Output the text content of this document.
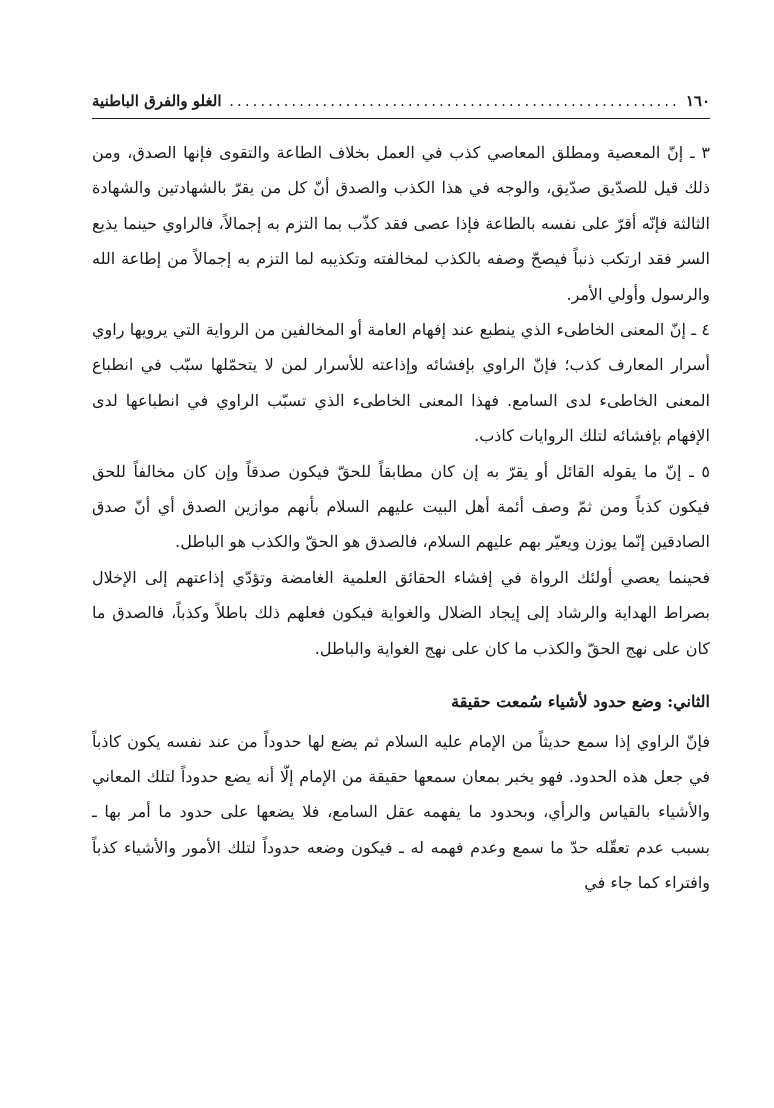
١٦٠
..........................................................
الغلو والفرق الباطنية

٣ ـ إنّ المعصية ومطلق المعاصي كذب في العمل بخلاف الطاعة والتقوى فإنها الصدق، ومن ذلك قيل للصدّيق صدّيق، والوجه في هذا الكذب والصدق أنّ كل من يقرّ بالشهادتين والشهادة الثالثة فإنّه أقرّ على نفسه بالطاعة فإذا عصى فقد كذّب بما التزم به إجمالاً، فالراوي حينما يذيع السر فقد ارتكب ذنباً فيصحّ وصفه بالكذب لمخالفته وتكذيبه لما التزم به إجمالاً من إطاعة الله والرسول وأولي الأمر.

٤ ـ إنّ المعنى الخاطىء الذي ينطبع عند إفهام العامة أو المخالفين من الرواية التي يرويها راوي أسرار المعارف كذب؛ فإنّ الراوي بإفشائه وإذاعته للأسرار لمن لا يتحمّلها سبّب في انطباع المعنى الخاطىء لدى السامع. فهذا المعنى الخاطىء الذي تسبّب الراوي في انطباعها لدى الإفهام بإفشائه لتلك الروايات كاذب.

٥ ـ إنّ ما يقوله القائل أو يقرّ به إن كان مطابقاً للحقّ فيكون صدقاً وإن كان مخالفاً للحق فيكون كذباً ومن ثمّ وصف أئمة أهل البيت عليهم السلام بأنهم موازين الصدق أي أنّ صدق الصادقين إنّما يوزن ويعيّر بهم عليهم السلام، فالصدق هو الحقّ والكذب هو الباطل.

فحينما يعصي أولئك الرواة في إفشاء الحقائق العلمية الغامضة وتؤدّي إذاعتهم إلى الإخلال بصراط الهداية والرشاد إلى إيجاد الضلال والغواية فيكون فعلهم ذلك باطلاً وكذباً، فالصدق ما كان على نهج الحقّ والكذب ما كان على نهج الغواية والباطل.

الثاني: وضع حدود لأشياء سُمعت حقيقة

فإنّ الراوي إذا سمع حديثاً من الإمام عليه السلام ثم يضع لها حدوداً من عند نفسه يكون كاذباً في جعل هذه الحدود. فهو يخبر بمعان سمعها حقيقة من الإمام إلّا أنه يضع حدوداً لتلك المعاني والأشياء بالقياس والرأي، وبحدود ما يفهمه عقل السامع، فلا يضعها على حدود ما أمر بها ـ بسبب عدم تعقّله حدّ ما سمع وعدم فهمه له ـ فيكون وضعه حدوداً لتلك الأمور والأشياء كذباً وافتراء كما جاء في
